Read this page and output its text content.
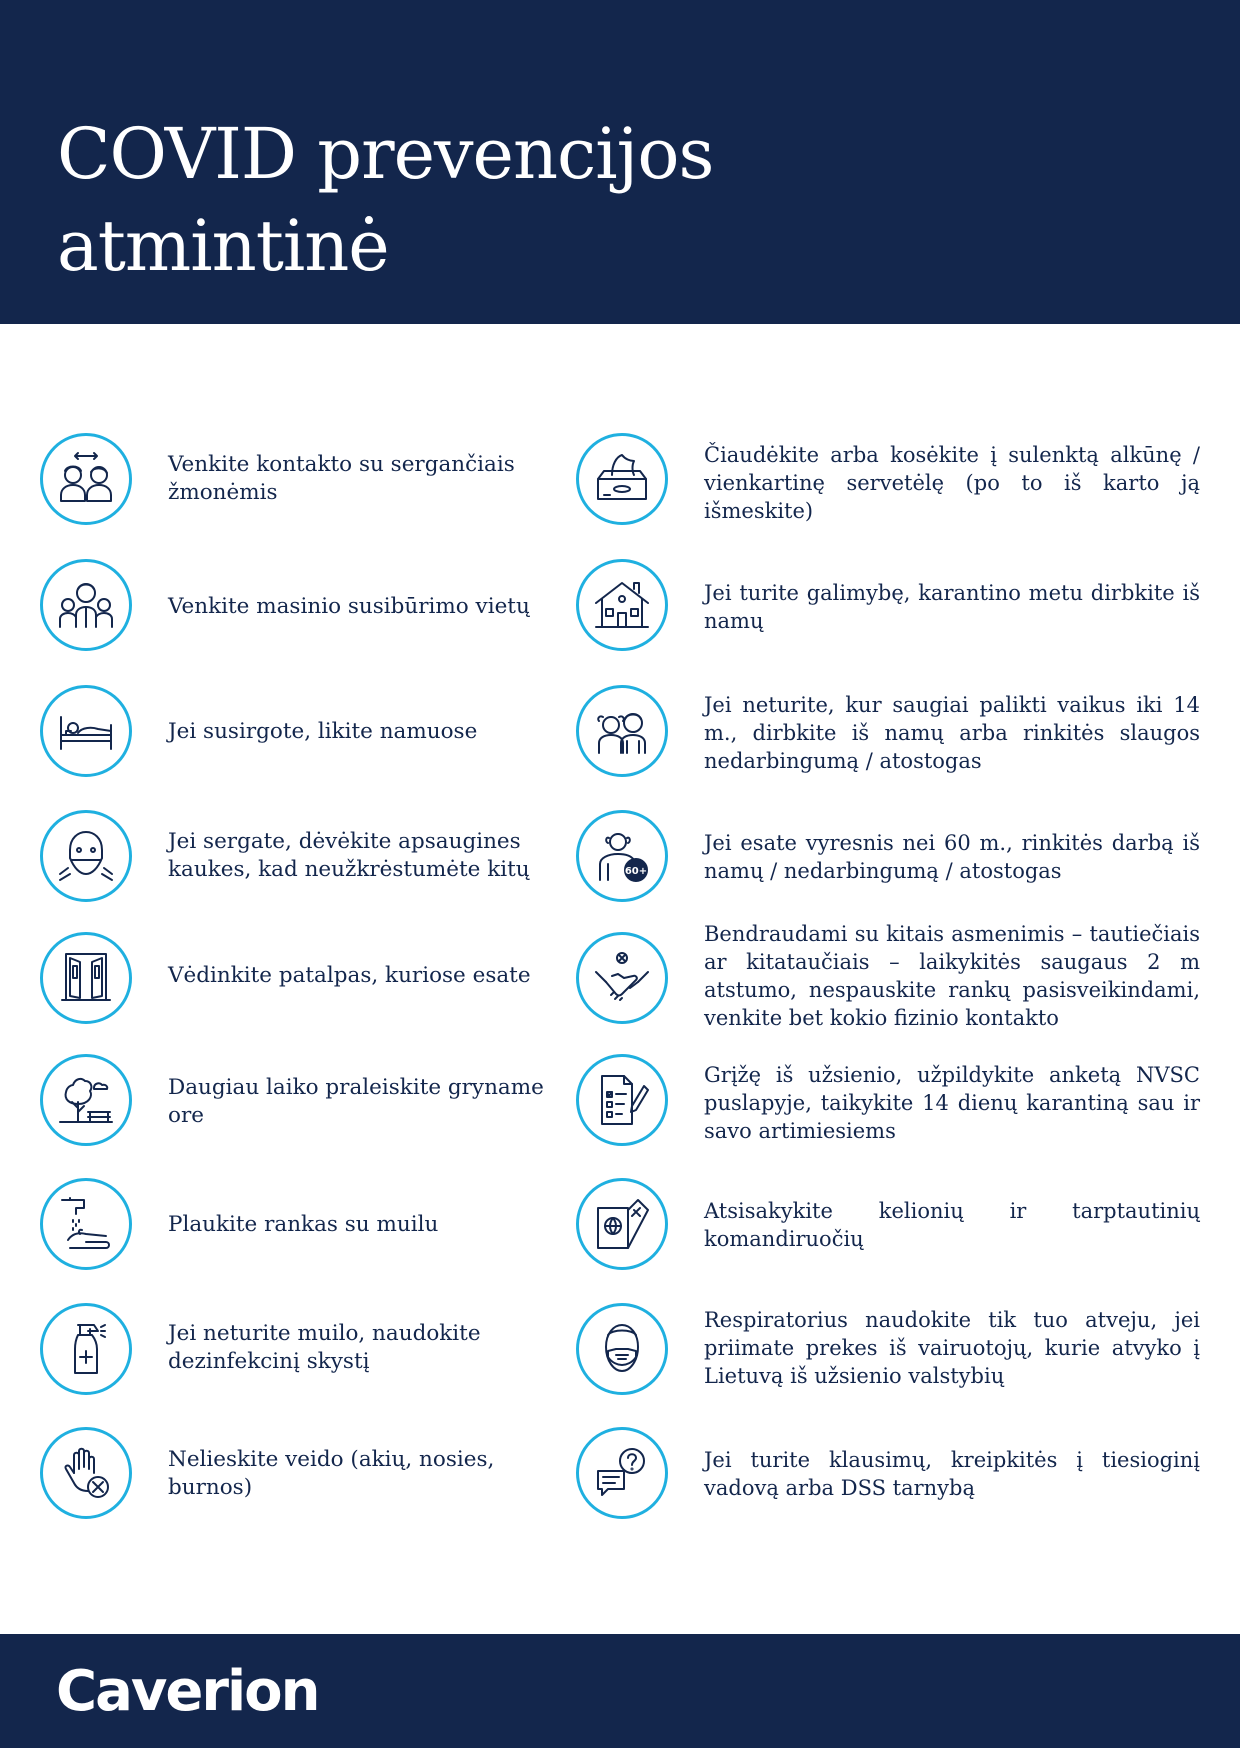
COVID prevencijos
atmintinė

Venkite kontakto su sergančiais žmonėmis

Venkite masinio susibūrimo vietų

Jei susirgote, likite namuose

Jei sergate, dėvėkite apsaugines kaukes, kad neužkrėstumėte kitų

Vėdinkite patalpas, kuriose esate

Daugiau laiko praleiskite gryname ore

Plaukite rankas su muilu

Jei neturite muilo, naudokite dezinfekcinį skystį

Nelieskite veido (akių, nosies, burnos)

Čiaudėkite arba kosėkite į sulenktą alkūnę / vienkartinę servetėlę (po to iš karto ją išmeskite)

Jei turite galimybę, karantino metu dirbkite iš namų

Jei neturite, kur saugiai palikti vaikus iki 14 m., dirbkite iš namų arba rinkitės slaugos nedarbingumą / atostogas

60+

Jei esate vyresnis nei 60 m., rinkitės darbą iš namų / nedarbingumą / atostogas

Bendraudami su kitais asmenimis – tautiečiais ar kitataučiais – laikykitės saugaus 2 m atstumo, nespauskite rankų pasisveikindami, venkite bet kokio fizinio kontakto

Grįžę iš užsienio, užpildykite anketą NVSC puslapyje, taikykite 14 dienų karantiną sau ir savo artimiesiems

Atsisakykite kelionių ir tarptautinių komandiruočių

Respiratorius naudokite tik tuo atveju, jei priimate prekes iš vairuotojų, kurie atvyko į Lietuvą iš užsienio valstybių

Jei turite klausimų, kreipkitės į tiesioginį vadovą arba DSS tarnybą

Caverion
